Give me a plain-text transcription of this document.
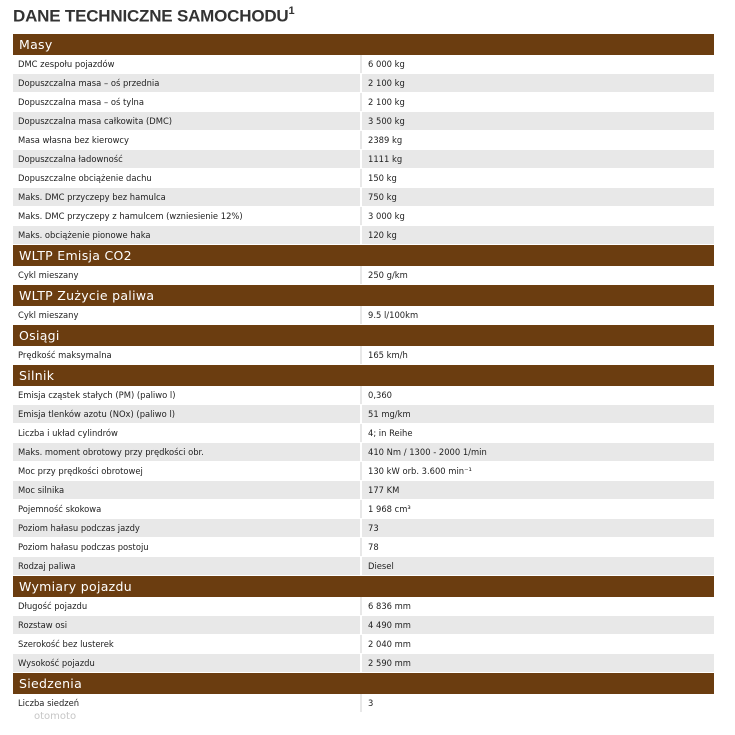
DANE TECHNICZNE SAMOCHODU$^1$
Masy
DMC zespołu pojazdów	6 000 kg
Dopuszczalna masa – oś przednia	2 100 kg
Dopuszczalna masa – oś tylna	2 100 kg
Dopuszczalna masa całkowita (DMC)	3 500 kg
Masa własna bez kierowcy	2389 kg
Dopuszczalna ładowność	1111 kg
Dopuszczalne obciążenie dachu	150 kg
Maks. DMC przyczepy bez hamulca	750 kg
Maks. DMC przyczepy z hamulcem (wzniesienie 12%)	3 000 kg
Maks. obciążenie pionowe haka	120 kg
WLTP Emisja CO2
Cykl mieszany	250 g/km
WLTP Zużycie paliwa
Cykl mieszany	9.5 l/100km
Osiągi
Prędkość maksymalna	165 km/h
Silnik
Emisja cząstek stałych (PM) (paliwo l)	0,360
Emisja tlenków azotu (NOx) (paliwo l)	51 mg/km
Liczba i układ cylindrów	4; in Reihe
Maks. moment obrotowy przy prędkości obr.	410 Nm / 1300 - 2000 1/min
Moc przy prędkości obrotowej	130 kW orb. 3.600 min⁻¹
Moc silnika	177 KM
Pojemność skokowa	1 968 cm³
Poziom hałasu podczas jazdy	73
Poziom hałasu podczas postoju	78
Rodzaj paliwa	Diesel
Wymiary pojazdu
Długość pojazdu	6 836 mm
Rozstaw osi	4 490 mm
Szerokość bez lusterek	2 040 mm
Wysokość pojazdu	2 590 mm
Siedzenia
Liczba siedzeń	3
otomoto
